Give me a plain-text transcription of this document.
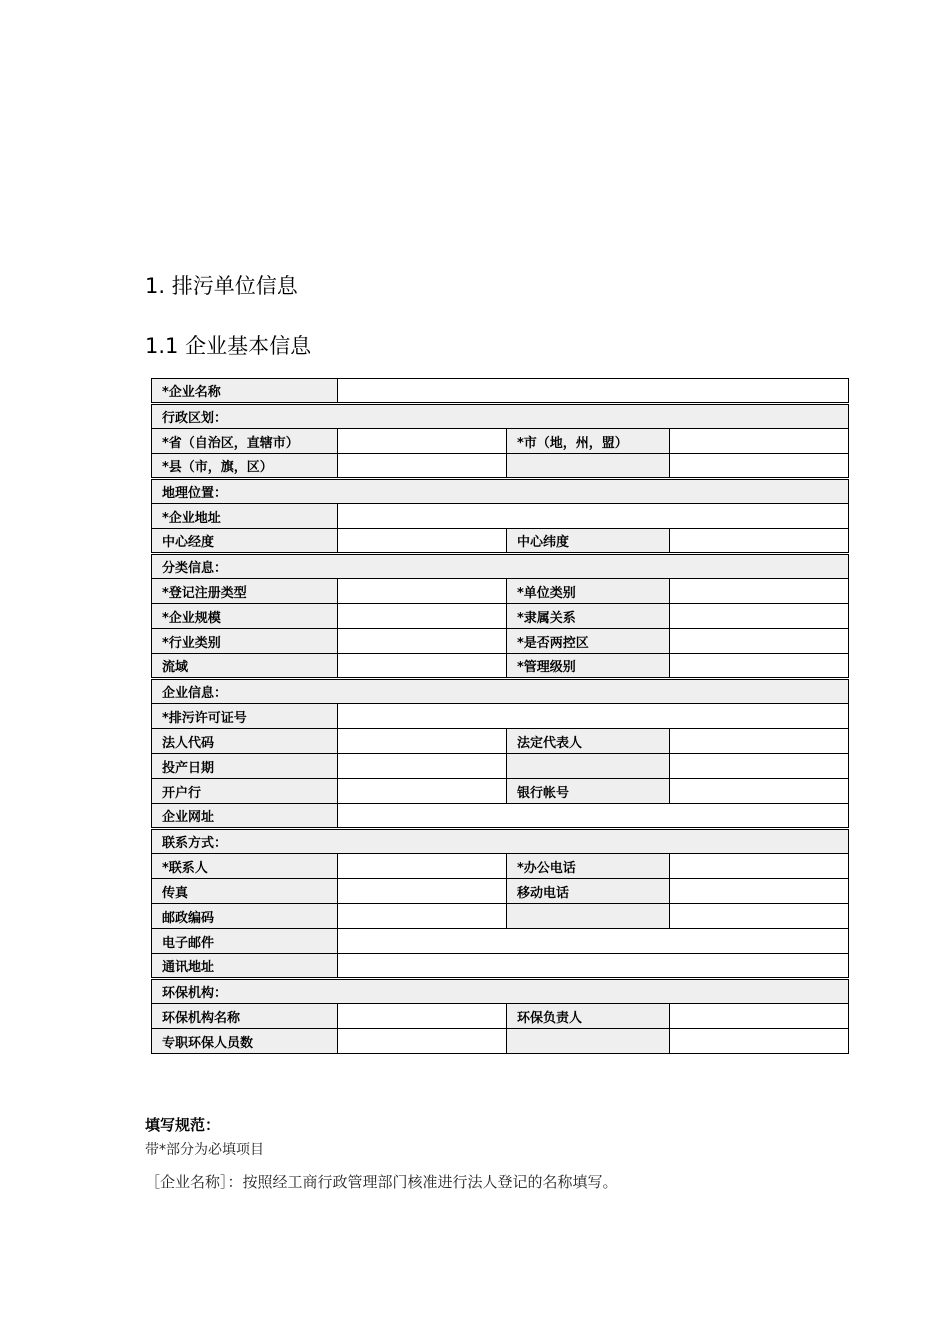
1. 排污单位信息
1.1 企业基本信息
*企业名称			
行政区划：			
*省（自治区，直辖市）		*市（地，州，盟）	
*县（市，旗，区）			
地理位置：			
*企业地址			
中心经度		中心纬度	
分类信息：			
*登记注册类型		*单位类别	
*企业规模		*隶属关系	
*行业类别		*是否两控区	
流域		*管理级别	
企业信息：			
*排污许可证号			
法人代码		法定代表人	
投产日期			
开户行		银行帐号	
企业网址			
联系方式：			
*联系人		*办公电话	
传真		移动电话	
邮政编码			
电子邮件			
通讯地址			
环保机构：			
环保机构名称		环保负责人	
专职环保人员数			
填写规范：
带*部分为必填项目
［企业名称］：按照经工商行政管理部门核准进行法人登记的名称填写。
